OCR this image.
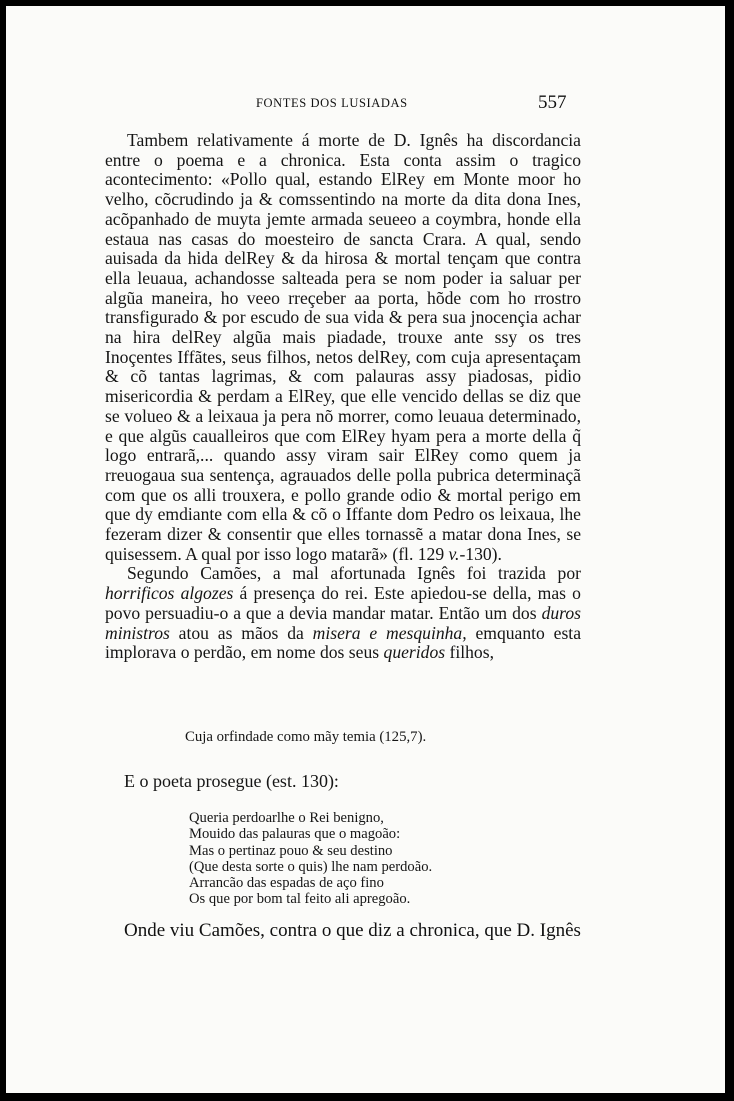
FONTES DOS LUSIADAS	557

Tambem relativamente á morte de D. Ignês ha discordancia entre o poema e a chronica. Esta conta assim o tragico acontecimento: «Pollo qual, estando ElRey em Monte moor ho velho, cõcrudindo ja & comssentindo na morte da dita dona Ines, acõpanhado de muyta jemte armada seueeo a coymbra, honde ella estaua nas casas do moesteiro de sancta Crara. A qual, sendo auisada da hida delRey & da hirosa & mortal tençam que contra ella leuaua, achandosse salteada pera se nom poder ia saluar per algũa maneira, ho veeo rreçeber aa porta, hõde com ho rrostro transfigurado & por escudo de sua vida & pera sua jnocençia achar na hira delRey algũa mais piadade, trouxe ante ssy os tres Inoçentes Iffãtes, seus filhos, netos delRey, com cuja apresentaçam & cõ tantas lagrimas, & com palauras assy piadosas, pidio misericordia & perdam a ElRey, que elle vencido dellas se diz que se volueo & a leixaua ja pera nõ morrer, como leuaua determinado, e que algũs caualleiros que com ElRey hyam pera a morte della q̃ logo entrarã,... quando assy viram sair ElRey como quem ja rreuogaua sua sentença, agrauados delle polla pubrica determinaçã com que os alli trouxera, e pollo grande odio & mortal perigo em que dy emdiante com ella & cõ o Iffante dom Pedro os leixaua, lhe fezeram dizer & consentir que elles tornassẽ a matar dona Ines, se quisessem. A qual por isso logo matarã» (fl. 129 v.-130).

Segundo Camões, a mal afortunada Ignês foi trazida por horrificos algozes á presença do rei. Este apiedou-se della, mas o povo persuadiu-o a que a devia mandar matar. Então um dos duros ministros atou as mãos da misera e mesquinha, emquanto esta implorava o perdão, em nome dos seus queridos filhos,

Cuja orfindade como mãy temia (125,7).
E o poeta prosegue (est. 130):
Queria perdoarlhe o Rei benigno,
Mouido das palauras que o magoão:
Mas o pertinaz pouo & seu destino
(Que desta sorte o quis) lhe nam perdoão.
Arrancão das espadas de aço fino
Os que por bom tal feito ali apregoão.
Onde viu Camões, contra o que diz a chronica, que D. Ignês
